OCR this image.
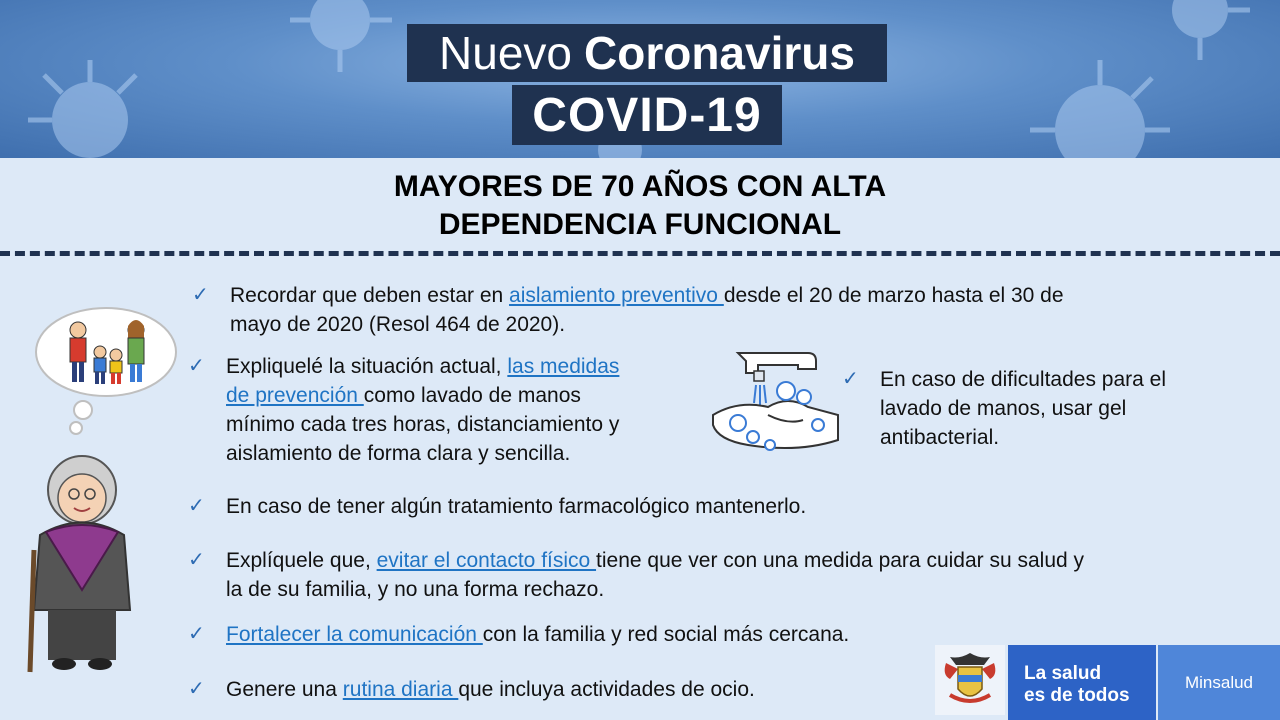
Nuevo Coronavirus
COVID-19
MAYORES DE 70 AÑOS CON ALTA
DEPENDENCIA FUNCIONAL
✓	Recordar que deben estar en aislamiento preventivo desde el 20 de marzo hasta el 30 de
mayo de 2020 (Resol 464 de 2020).
✓	Expliquelé la situación actual, las medidas
de prevención como lavado de manos
mínimo cada tres horas, distanciamiento y
aislamiento de forma clara y sencilla.
✓	En caso de dificultades para el
lavado de manos, usar gel
antibacterial.
✓	En caso de tener algún tratamiento farmacológico mantenerlo.
✓	Explíquele que, evitar el contacto físico tiene que ver con una medida para cuidar su salud y
la de su familia, y no una forma rechazo.
✓	Fortalecer la comunicación con la familia y red social más cercana.
✓	Genere una rutina diaria que incluya actividades de ocio.
La salud
es de todos
Minsalud
